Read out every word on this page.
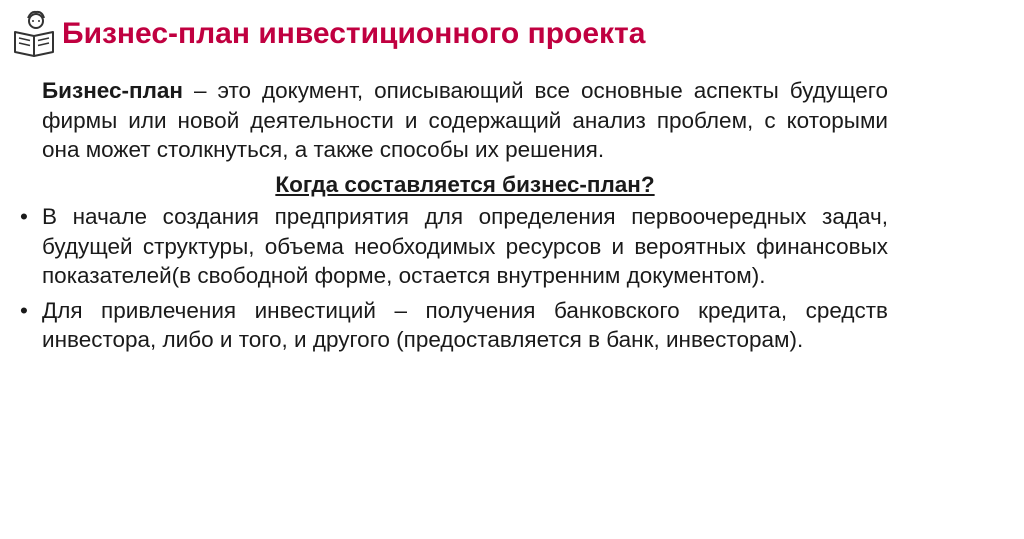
Бизнес-план инвестиционного проекта

Бизнес-план – это документ, описывающий все основные аспекты будущего фирмы или новой деятельности и содержащий анализ проблем, с которыми она может столкнуться, а также способы их решения.

Когда составляется бизнес-план?
• В начале создания предприятия для определения первоочередных задач, будущей структуры, объема необходимых ресурсов и вероятных финансовых показателей(в свободной форме, остается внутренним документом).
• Для привлечения инвестиций – получения банковского кредита, средств инвестора, либо и того, и другого (предоставляется в банк, инвесторам).
